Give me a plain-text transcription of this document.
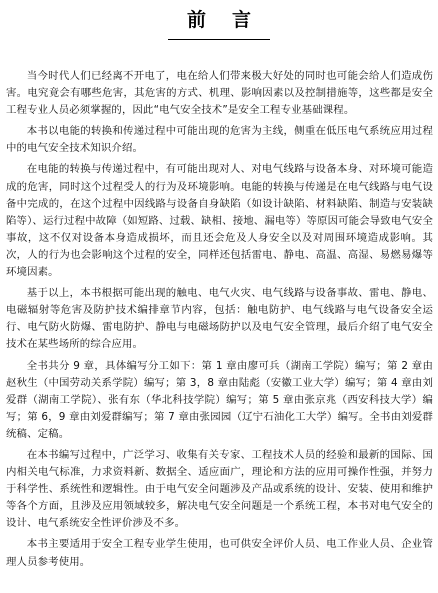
前言

当今时代人们已经离不开电了，电在给人们带来极大好处的同时也可能会给人们造成伤害。电究竟会有哪些危害，其危害的方式、机理、影响因素以及控制措施等，这些都是安全工程专业人员必须掌握的，因此“电气安全技术”是安全工程专业基础课程。

本书以电能的转换和传递过程中可能出现的危害为主线，侧重在低压电气系统应用过程中的电气安全技术知识介绍。

在电能的转换与传递过程中，有可能出现对人、对电气线路与设备本身、对环境可能造成的危害，同时这个过程受人的行为及环境影响。电能的转换与传递是在电气线路与电气设备中完成的，在这个过程中因线路与设备自身缺陷（如设计缺陷、材料缺陷、制造与安装缺陷等）、运行过程中故障（如短路、过载、缺相、接地、漏电等）等原因可能会导致电气安全事故，这不仅对设备本身造成损坏，而且还会危及人身安全以及对周围环境造成影响。其次，人的行为也会影响这个过程的安全，同样还包括雷电、静电、高温、高湿、易燃易爆等环境因素。

基于以上，本书根据可能出现的触电、电气火灾、电气线路与设备事故、雷电、静电、电磁辐射等危害及防护技术编排章节内容，包括：触电防护、电气线路与电气设备安全运行、电气防火防爆、雷电防护、静电与电磁场防护以及电气安全管理，最后介绍了电气安全技术在某些场所的综合应用。

全书共分 9 章，具体编写分工如下：第 1 章由廖可兵（湖南工学院）编写；第 2 章由赵秋生（中国劳动关系学院）编写；第 3，8 章由陆彪（安徽工业大学）编写；第 4 章由刘爱群（湖南工学院）、张有东（华北科技学院）编写；第 5 章由张京兆（西安科技大学）编写；第 6，9 章由刘爱群编写；第 7 章由张园园（辽宁石油化工大学）编写。全书由刘爱群统稿、定稿。

在本书编写过程中，广泛学习、收集有关专家、工程技术人员的经验和最新的国际、国内相关电气标准，力求资料新、数据全、适应面广，理论和方法的应用可操作性强，并努力于科学性、系统性和逻辑性。由于电气安全问题涉及产品或系统的设计、安装、使用和维护等各个方面，且涉及应用领域较多，解决电气安全问题是一个系统工程，本书对电气安全的设计、电气系统安全性评价涉及不多。

本书主要适用于安全工程专业学生使用，也可供安全评价人员、电工作业人员、企业管理人员参考使用。
